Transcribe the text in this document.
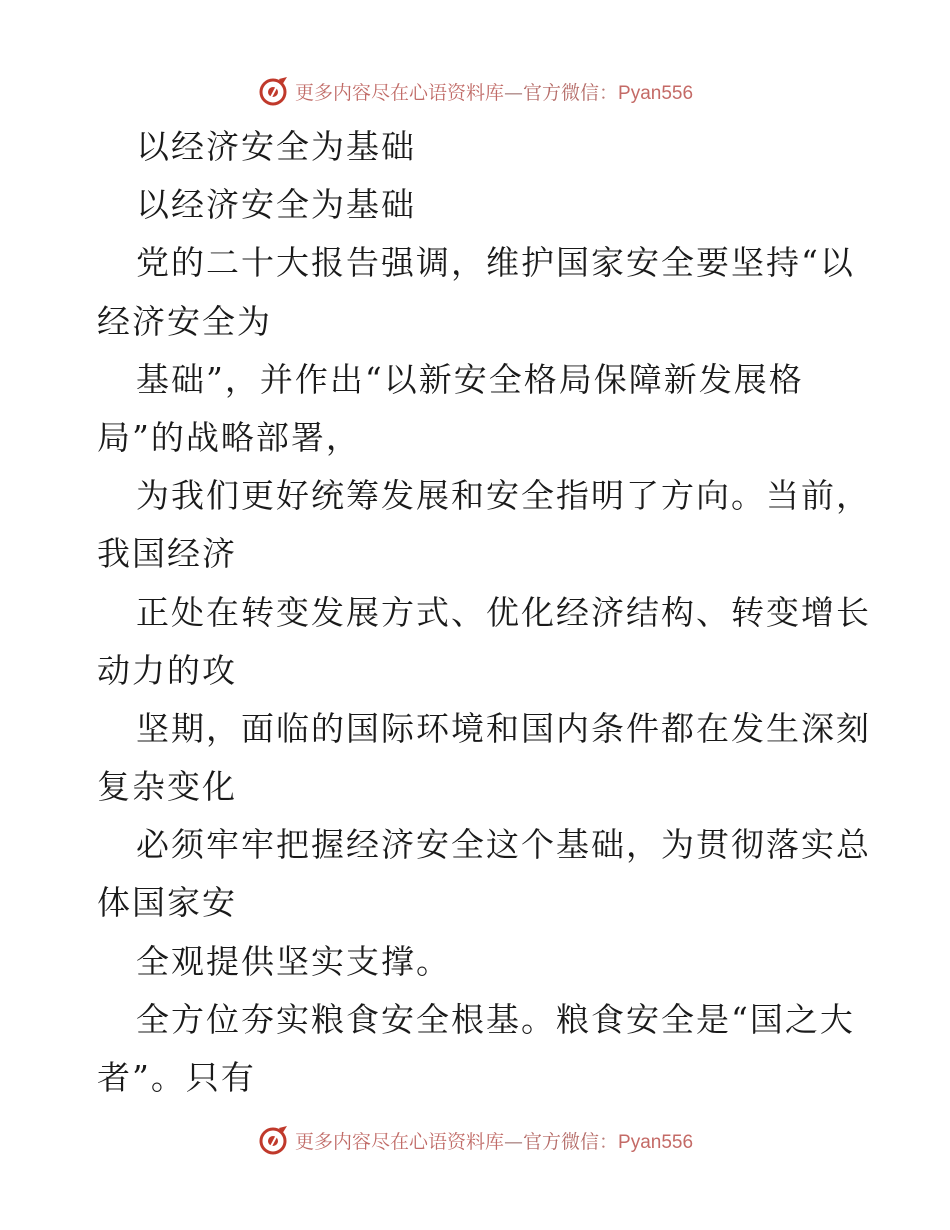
更多内容尽在心语资料库—官方微信：Pyan556
以经济安全为基础
以经济安全为基础
党的二十大报告强调，维护国家安全要坚持“以
经济安全为
基础”，并作出“以新安全格局保障新发展格
局”的战略部署，
为我们更好统筹发展和安全指明了方向。当前，
我国经济
正处在转变发展方式、优化经济结构、转变增长
动力的攻
坚期，面临的国际环境和国内条件都在发生深刻
复杂变化
必须牢牢把握经济安全这个基础，为贯彻落实总
体国家安
全观提供坚实支撑。
全方位夯实粮食安全根基。粮食安全是“国之大
者”。只有
更多内容尽在心语资料库—官方微信：Pyan556
